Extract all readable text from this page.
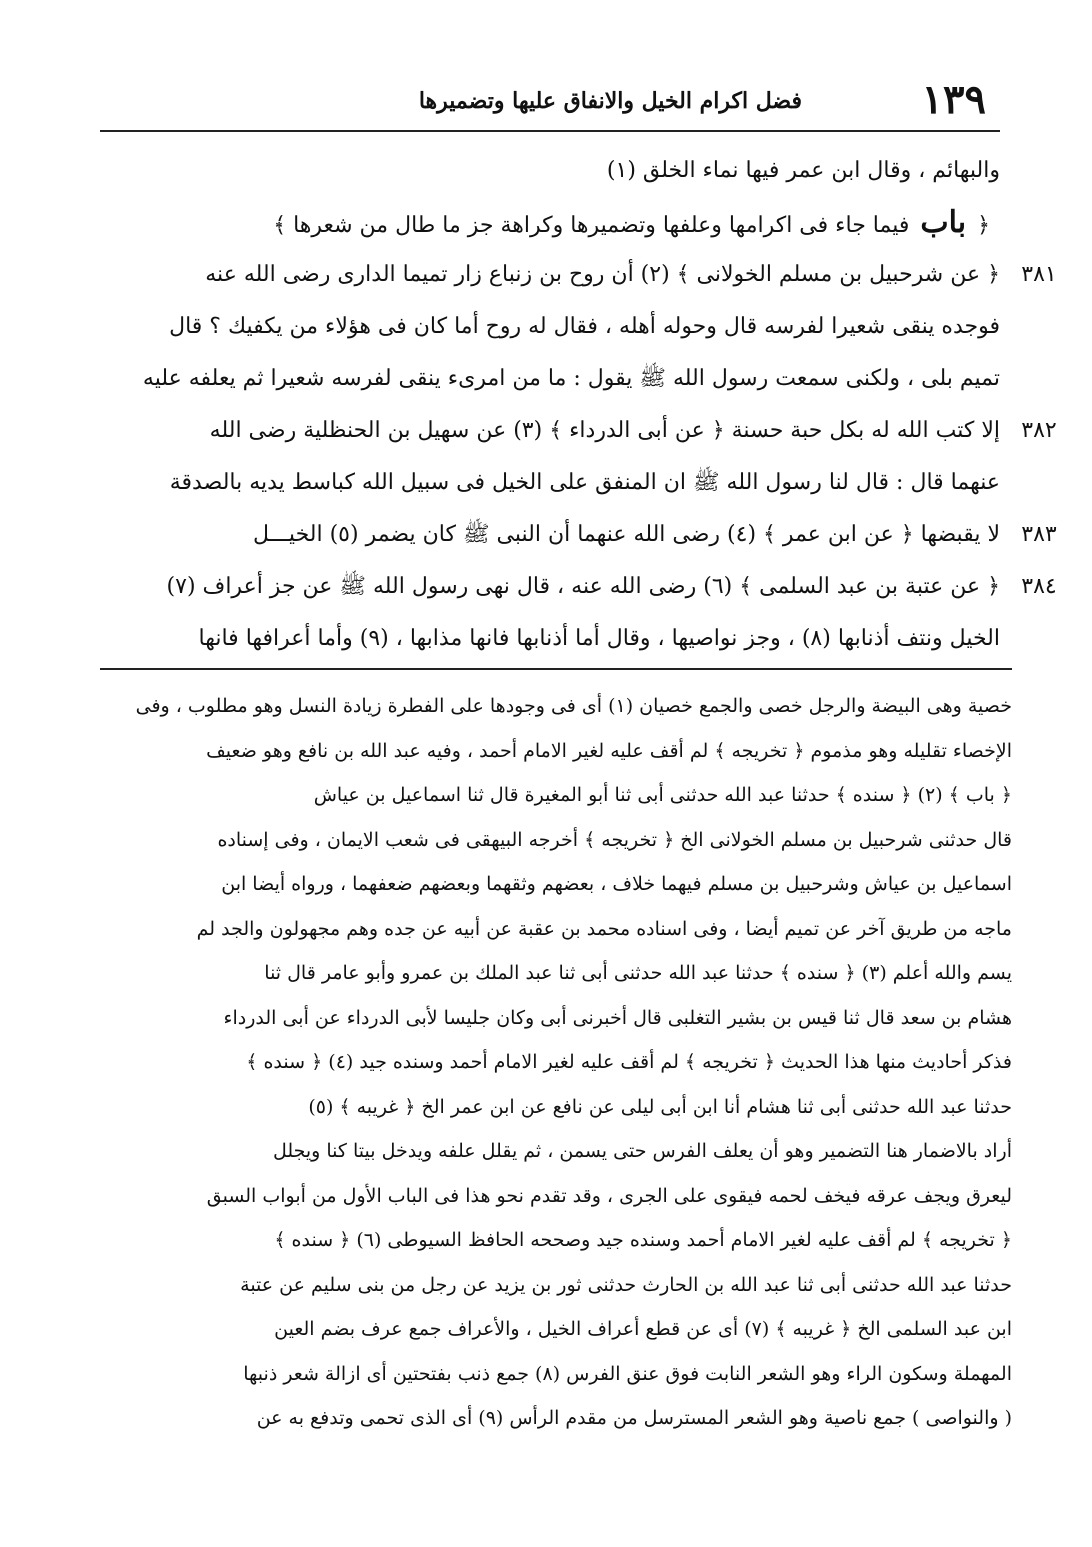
١٣٩
فضل اكرام الخيل والانفاق عليها وتضميرها
والبهائم ، وقال ابن عمر فيها نماء الخلق (١)
﴿ باب فيما جاء فى اكرامها وعلفها وتضميرها وكراهة جز ما طال من شعرها ﴾
٣٨١
﴿ عن شرحبيل بن مسلم الخولانى ﴾ (٢) أن روح بن زنباع زار تميما الدارى رضى الله عنه
فوجده ينقى شعيرا لفرسه قال وحوله أهله ، فقال له روح أما كان فى هؤلاء من يكفيك ؟ قال
تميم بلى ، ولكنى سمعت رسول الله ﷺ يقول : ما من امرىء ينقى لفرسه شعيرا ثم يعلفه عليه
٣٨٢
إلا كتب الله له بكل حبة حسنة ﴿ عن أبى الدرداء ﴾ (٣) عن سهيل بن الحنظلية رضى الله
عنهما قال : قال لنا رسول الله ﷺ ان المنفق على الخيل فى سبيل الله كباسط يديه بالصدقة
٣٨٣
لا يقبضها ﴿ عن ابن عمر ﴾ (٤) رضى الله عنهما أن النبى ﷺ كان يضمر (٥) الخيـــل
٣٨٤
﴿ عن عتبة بن عبد السلمى ﴾ (٦) رضى الله عنه ، قال نهى رسول الله ﷺ عن جز أعراف (٧)
الخيل ونتف أذنابها (٨) ، وجز نواصيها ، وقال أما أذنابها فانها مذابها ، (٩) وأما أعرافها فانها
خصية وهى البيضة والرجل خصى والجمع خصيان (١) أى فى وجودها على الفطرة زيادة النسل وهو مطلوب ، وفى
الإخصاء تقليله وهو مذموم ﴿ تخريجه ﴾ لم أقف عليه لغير الامام أحمد ، وفيه عبد الله بن نافع وهو ضعيف
﴿ باب ﴾ (٢) ﴿ سنده ﴾ حدثنا عبد الله حدثنى أبى ثنا أبو المغيرة قال ثنا اسماعيل بن عياش
قال حدثنى شرحبيل بن مسلم الخولانى الخ ﴿ تخريجه ﴾ أخرجه البيهقى فى شعب الايمان ، وفى إسناده
اسماعيل بن عياش وشرحبيل بن مسلم فيهما خلاف ، بعضهم وثقهما وبعضهم ضعفهما ، ورواه أيضا ابن
ماجه من طريق آخر عن تميم أيضا ، وفى اسناده محمد بن عقبة عن أبيه عن جده وهم مجهولون والجد لم
يسم والله أعلم (٣) ﴿ سنده ﴾ حدثنا عبد الله حدثنى أبى ثنا عبد الملك بن عمرو وأبو عامر قال ثنا
هشام بن سعد قال ثنا قيس بن بشير التغلبى قال أخبرنى أبى وكان جليسا لأبى الدرداء عن أبى الدرداء
فذكر أحاديث منها هذا الحديث ﴿ تخريجه ﴾ لم أقف عليه لغير الامام أحمد وسنده جيد (٤) ﴿ سنده ﴾
حدثنا عبد الله حدثنى أبى ثنا هشام أنا ابن أبى ليلى عن نافع عن ابن عمر الخ ﴿ غريبه ﴾ (٥)
أراد بالاضمار هنا التضمير وهو أن يعلف الفرس حتى يسمن ، ثم يقلل علفه ويدخل بيتا كنا ويجلل
ليعرق ويجف عرقه فيخف لحمه فيقوى على الجرى ، وقد تقدم نحو هذا فى الباب الأول من أبواب السبق
﴿ تخريجه ﴾ لم أقف عليه لغير الامام أحمد وسنده جيد وصححه الحافظ السيوطى (٦) ﴿ سنده ﴾
حدثنا عبد الله حدثنى أبى ثنا عبد الله بن الحارث حدثنى ثور بن يزيد عن رجل من بنى سليم عن عتبة
ابن عبد السلمى الخ ﴿ غريبه ﴾ (٧) أى عن قطع أعراف الخيل ، والأعراف جمع عرف بضم العين
المهملة وسكون الراء وهو الشعر النابت فوق عنق الفرس (٨) جمع ذنب بفتحتين أى ازالة شعر ذنبها
( والنواصى ) جمع ناصية وهو الشعر المسترسل من مقدم الرأس (٩) أى الذى تحمى وتدفع به عن
